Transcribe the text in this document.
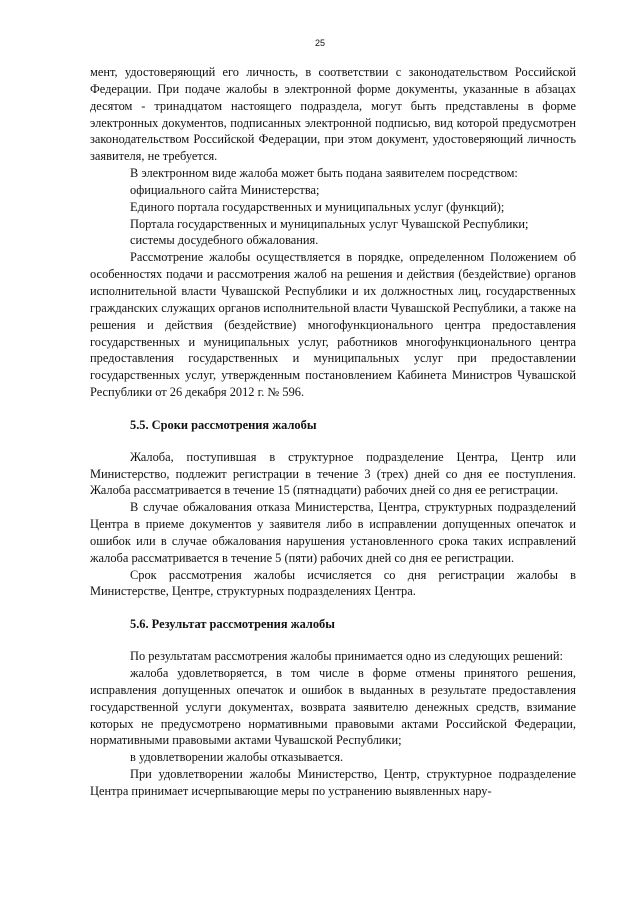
25

мент, удостоверяющий его личность, в соответствии с законодательством Российской Федерации. При подаче жалобы в электронной форме документы, указанные в абзацах десятом - тринадцатом настоящего подраздела, могут быть представлены в форме электронных документов, подписанных электронной подписью, вид которой предусмотрен законодательством Российской Федерации, при этом документ, удостоверяющий личность заявителя, не требуется.

В электронном виде жалоба может быть подана заявителем посредством:

официального сайта Министерства;

Единого портала государственных и муниципальных услуг (функций);

Портала государственных и муниципальных услуг Чувашской Республики;

системы досудебного обжалования.

Рассмотрение жалобы осуществляется в порядке, определенном Положением об особенностях подачи и рассмотрения жалоб на решения и действия (бездействие) органов исполнительной власти Чувашской Республики и их должностных лиц, государственных гражданских служащих органов исполнительной власти Чувашской Республики, а также на решения и действия (бездействие) многофункционального центра предоставления государственных и муниципальных услуг, работников многофункционального центра предоставления государственных и муниципальных услуг при предоставлении государственных услуг, утвержденным постановлением Кабинета Министров Чувашской Республики от 26 декабря 2012 г. № 596.

5.5. Сроки рассмотрения жалобы

Жалоба, поступившая в структурное подразделение Центра, Центр или Министерство, подлежит регистрации в течение 3 (трех) дней со дня ее поступления. Жалоба рассматривается в течение 15 (пятнадцати) рабочих дней со дня ее регистрации.

В случае обжалования отказа Министерства, Центра, структурных подразделений Центра в приеме документов у заявителя либо в исправлении допущенных опечаток и ошибок или в случае обжалования нарушения установленного срока таких исправлений жалоба рассматривается в течение 5 (пяти) рабочих дней со дня ее регистрации.

Срок рассмотрения жалобы исчисляется со дня регистрации жалобы в Министерстве, Центре, структурных подразделениях Центра.

5.6. Результат рассмотрения жалобы

По результатам рассмотрения жалобы принимается одно из следующих решений:

жалоба удовлетворяется, в том числе в форме отмены принятого решения, исправления допущенных опечаток и ошибок в выданных в результате предоставления государственной услуги документах, возврата заявителю денежных средств, взимание которых не предусмотрено нормативными правовыми актами Российской Федерации, нормативными правовыми актами Чувашской Республики;

в удовлетворении жалобы отказывается.

При удовлетворении жалобы Министерство, Центр, структурное подразделение Центра принимает исчерпывающие меры по устранению выявленных нару-
